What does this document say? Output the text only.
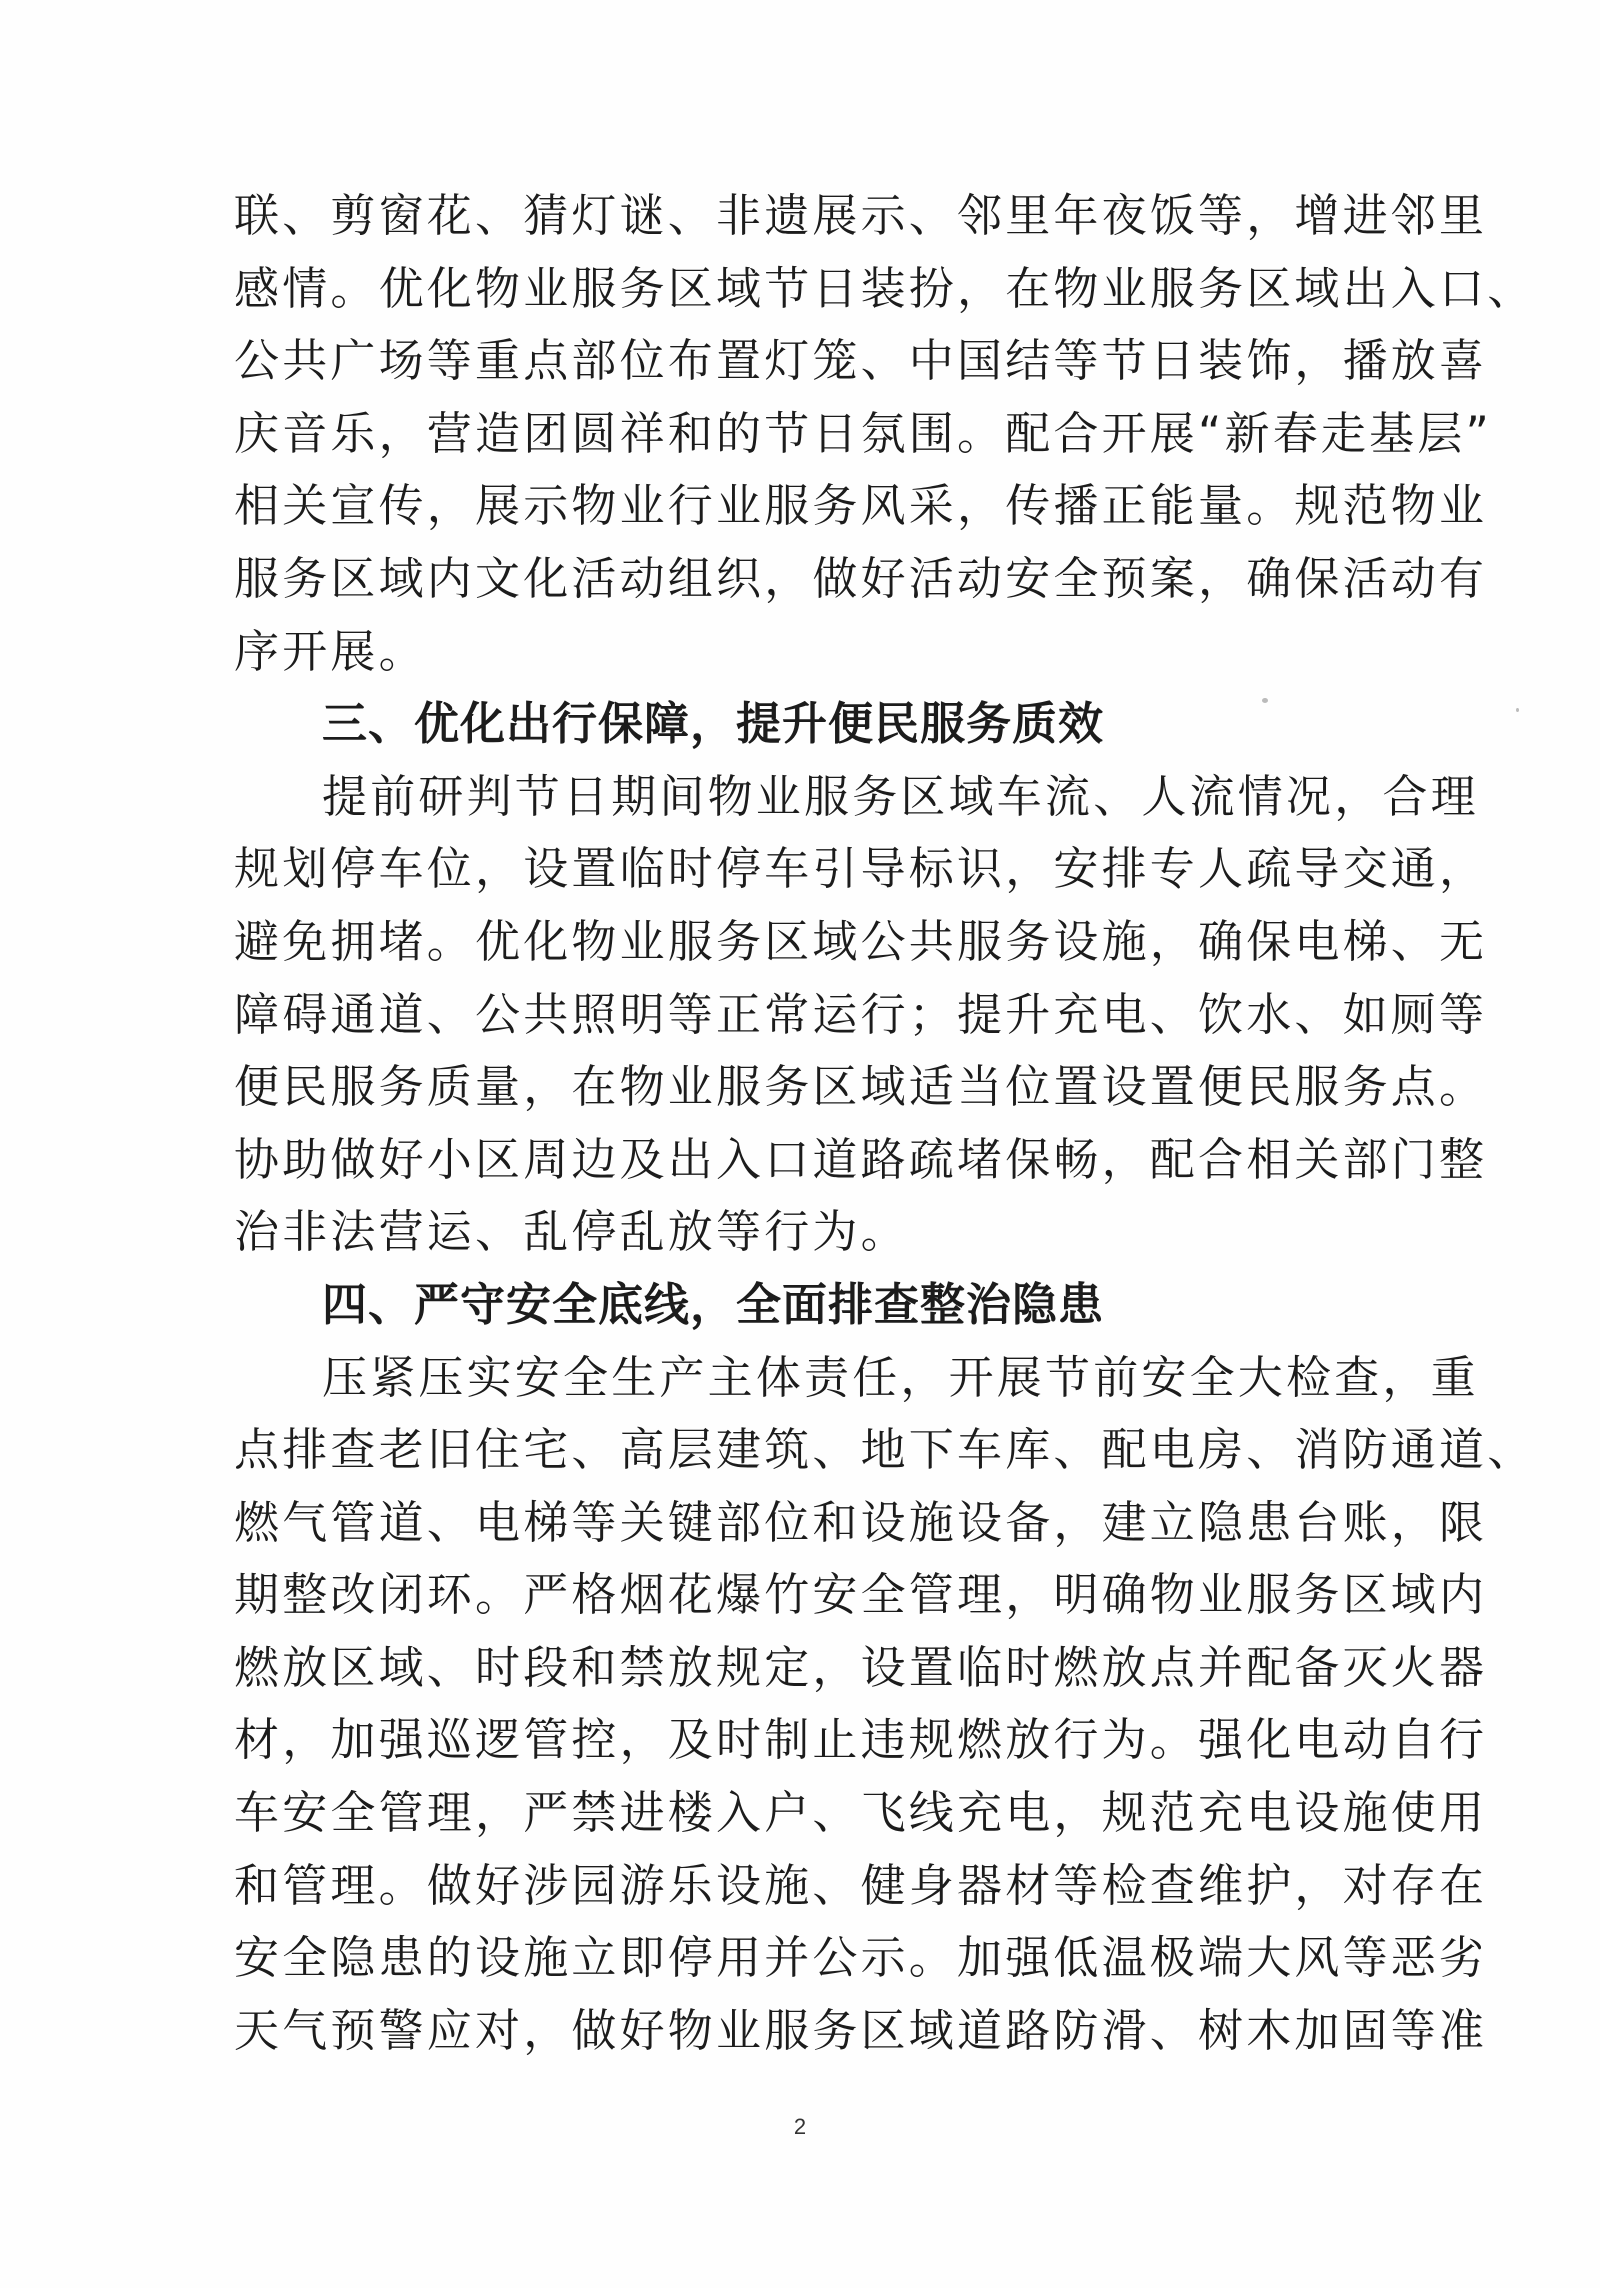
联、剪窗花、猜灯谜、非遗展示、邻里年夜饭等，增进邻里
感情。优化物业服务区域节日装扮，在物业服务区域出入口、
公共广场等重点部位布置灯笼、中国结等节日装饰，播放喜
庆音乐，营造团圆祥和的节日氛围。配合开展“新春走基层”
相关宣传，展示物业行业服务风采，传播正能量。规范物业
服务区域内文化活动组织，做好活动安全预案，确保活动有
序开展。
三、优化出行保障，提升便民服务质效
提前研判节日期间物业服务区域车流、人流情况，合理
规划停车位，设置临时停车引导标识，安排专人疏导交通，
避免拥堵。优化物业服务区域公共服务设施，确保电梯、无
障碍通道、公共照明等正常运行；提升充电、饮水、如厕等
便民服务质量，在物业服务区域适当位置设置便民服务点。
协助做好小区周边及出入口道路疏堵保畅，配合相关部门整
治非法营运、乱停乱放等行为。
四、严守安全底线，全面排查整治隐患
压紧压实安全生产主体责任，开展节前安全大检查，重
点排查老旧住宅、高层建筑、地下车库、配电房、消防通道、
燃气管道、电梯等关键部位和设施设备，建立隐患台账，限
期整改闭环。严格烟花爆竹安全管理，明确物业服务区域内
燃放区域、时段和禁放规定，设置临时燃放点并配备灭火器
材，加强巡逻管控，及时制止违规燃放行为。强化电动自行
车安全管理，严禁进楼入户、飞线充电，规范充电设施使用
和管理。做好涉园游乐设施、健身器材等检查维护，对存在
安全隐患的设施立即停用并公示。加强低温极端大风等恶劣
天气预警应对，做好物业服务区域道路防滑、树木加固等准
2
